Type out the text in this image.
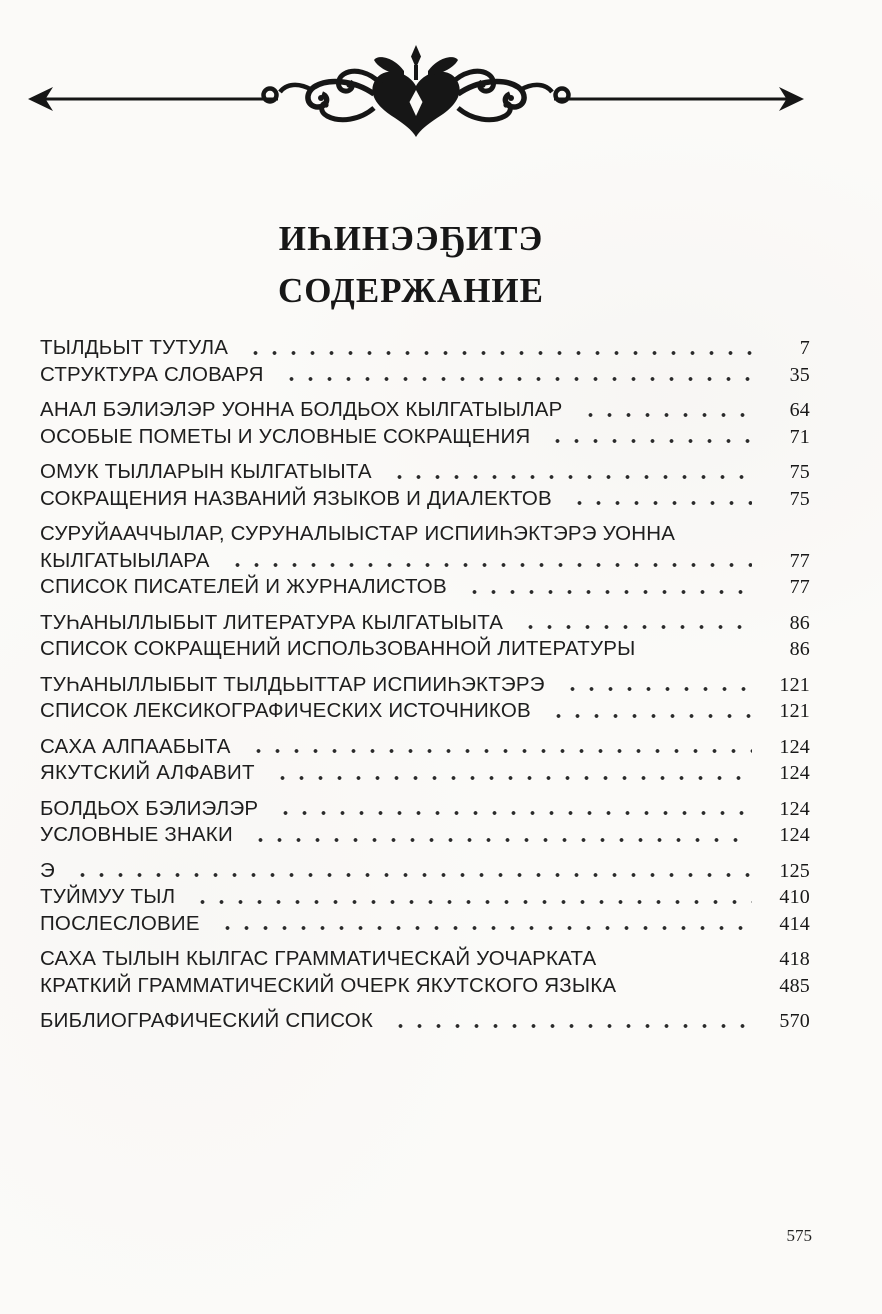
ИҺИНЭЭҔИТЭ
СОДЕРЖАНИЕ
ТЫЛДЬЫТ ТУТУЛА	7
СТРУКТУРА СЛОВАРЯ	35
АНАЛ БЭЛИЭЛЭР УОННА БОЛДЬОХ КЫЛГАТЫЫЛАР	64
ОСОБЫЕ ПОМЕТЫ И УСЛОВНЫЕ СОКРАЩЕНИЯ	71
ОМУК ТЫЛЛАРЫН КЫЛГАТЫЫТА	75
СОКРАЩЕНИЯ НАЗВАНИЙ ЯЗЫКОВ И ДИАЛЕКТОВ	75
СУРУЙААЧЧЫЛАР, СУРУНАЛЫЫСТАР ИСПИИҺЭКТЭРЭ УОННА
КЫЛГАТЫЫЛАРА	77
СПИСОК ПИСАТЕЛЕЙ И ЖУРНАЛИСТОВ	77
ТУҺАНЫЛЛЫБЫТ ЛИТЕРАТУРА КЫЛГАТЫЫТА	86
СПИСОК СОКРАЩЕНИЙ ИСПОЛЬЗОВАННОЙ ЛИТЕРАТУРЫ	86
ТУҺАНЫЛЛЫБЫТ ТЫЛДЬЫТТАР ИСПИИҺЭКТЭРЭ	121
СПИСОК ЛЕКСИКОГРАФИЧЕСКИХ ИСТОЧНИКОВ	121
САХА АЛПААБЫТА	124
ЯКУТСКИЙ АЛФАВИТ	124
БОЛДЬОХ БЭЛИЭЛЭР	124
УСЛОВНЫЕ ЗНАКИ	124
Э	125
ТУЙМУУ ТЫЛ	410
ПОСЛЕСЛОВИЕ	414
САХА ТЫЛЫН КЫЛГАС ГРАММАТИЧЕСКАЙ УОЧАРКАТА	418
КРАТКИЙ ГРАММАТИЧЕСКИЙ ОЧЕРК ЯКУТСКОГО ЯЗЫКА	485
БИБЛИОГРАФИЧЕСКИЙ СПИСОК	570
575
